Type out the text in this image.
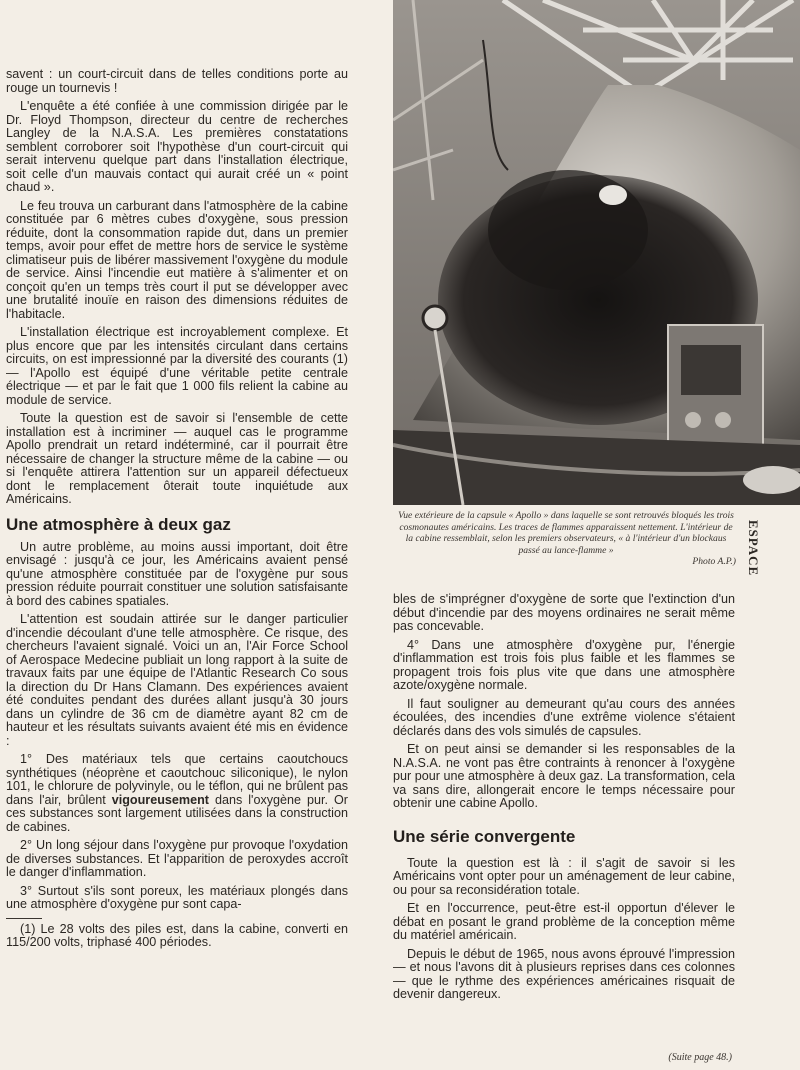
Vue extérieure de la capsule « Apollo » dans laquelle se sont retrouvés bloqués les trois cosmonautes américains. Les traces de flammes apparaissent nettement. L'intérieur de la cabine ressemblait, selon les premiers observateurs, « à l'intérieur d'un blockaus passé au lance-flamme »
Photo A.P.) ESPACE

savent : un court-circuit dans de telles conditions porte au rouge un tournevis !

L'enquête a été confiée à une commission dirigée par le Dr. Floyd Thompson, directeur du centre de recherches Langley de la N.A.S.A. Les premières constatations semblent corroborer soit l'hypothèse d'un court-circuit qui serait intervenu quelque part dans l'installation électrique, soit celle d'un mauvais contact qui aurait créé un « point chaud ».

Le feu trouva un carburant dans l'atmosphère de la cabine constituée par 6 mètres cubes d'oxygène, sous pression réduite, dont la consommation rapide dut, dans un premier temps, avoir pour effet de mettre hors de service le système climatiseur puis de libérer massivement l'oxygène du module de service. Ainsi l'incendie eut matière à s'alimenter et on conçoit qu'en un temps très court il put se développer avec une brutalité inouïe en raison des dimensions réduites de l'habitacle.

L'installation électrique est incroyablement complexe. Et plus encore que par les intensités circulant dans certains circuits, on est impressionné par la diversité des courants (1) — l'Apollo est équipé d'une véritable petite centrale électrique — et par le fait que 1 000 fils relient la cabine au module de service.

Toute la question est de savoir si l'ensemble de cette installation est à incriminer — auquel cas le programme Apollo prendrait un retard indéterminé, car il pourrait être nécessaire de changer la structure même de la cabine — ou si l'enquête attirera l'attention sur un appareil défectueux dont le remplacement ôterait toute inquiétude aux Américains.

Une atmosphère à deux gaz

Un autre problème, au moins aussi important, doit être envisagé : jusqu'à ce jour, les Américains avaient pensé qu'une atmosphère constituée par de l'oxygène pur sous pression réduite pourrait constituer une solution satisfaisante à bord des cabines spatiales.

L'attention est soudain attirée sur le danger particulier d'incendie découlant d'une telle atmosphère. Ce risque, des chercheurs l'avaient signalé. Voici un an, l'Air Force School of Aerospace Medecine publiait un long rapport à la suite de travaux faits par une équipe de l'Atlantic Research Co sous la direction du Dr Hans Clamann. Des expériences avaient été conduites pendant des durées allant jusqu'à 30 jours dans un cylindre de 36 cm de diamètre ayant 82 cm de hauteur et les résultats suivants avaient été mis en évidence :

1° Des matériaux tels que certains caoutchoucs synthétiques (néoprène et caoutchouc siliconique), le nylon 101, le chlorure de polyvinyle, ou le téflon, qui ne brûlent pas dans l'air, brûlent vigoureusement dans l'oxygène pur. Or ces substances sont largement utilisées dans la construction de cabines.

2° Un long séjour dans l'oxygène pur provoque l'oxydation de diverses substances. Et l'apparition de peroxydes accroît le danger d'inflammation.

3° Surtout s'ils sont poreux, les matériaux plongés dans une atmosphère d'oxygène pur sont capa-

(1) Le 28 volts des piles est, dans la cabine, converti en 115/200 volts, triphasé 400 périodes.

bles de s'imprégner d'oxygène de sorte que l'extinction d'un début d'incendie par des moyens ordinaires ne serait même pas concevable.

4° Dans une atmosphère d'oxygène pur, l'énergie d'inflammation est trois fois plus faible et les flammes se propagent trois fois plus vite que dans une atmosphère azote/oxygène normale.

Il faut souligner au demeurant qu'au cours des années écoulées, des incendies d'une extrême violence s'étaient déclarés dans des vols simulés de capsules.

Et on peut ainsi se demander si les responsables de la N.A.S.A. ne vont pas être contraints à renoncer à l'oxygène pur pour une atmosphère à deux gaz. La transformation, cela va sans dire, allongerait encore le temps nécessaire pour obtenir une cabine Apollo.

Une série convergente

Toute la question est là : il s'agit de savoir si les Américains vont opter pour un aménagement de leur cabine, ou pour sa reconsidération totale.

Et en l'occurrence, peut-être est-il opportun d'élever le débat en posant le grand problème de la conception même du matériel américain.

Depuis le début de 1965, nous avons éprouvé l'impression — et nous l'avons dit à plusieurs reprises dans ces colonnes — que le rythme des expériences américaines risquait de devenir dangereux.

(Suite page 48.)
